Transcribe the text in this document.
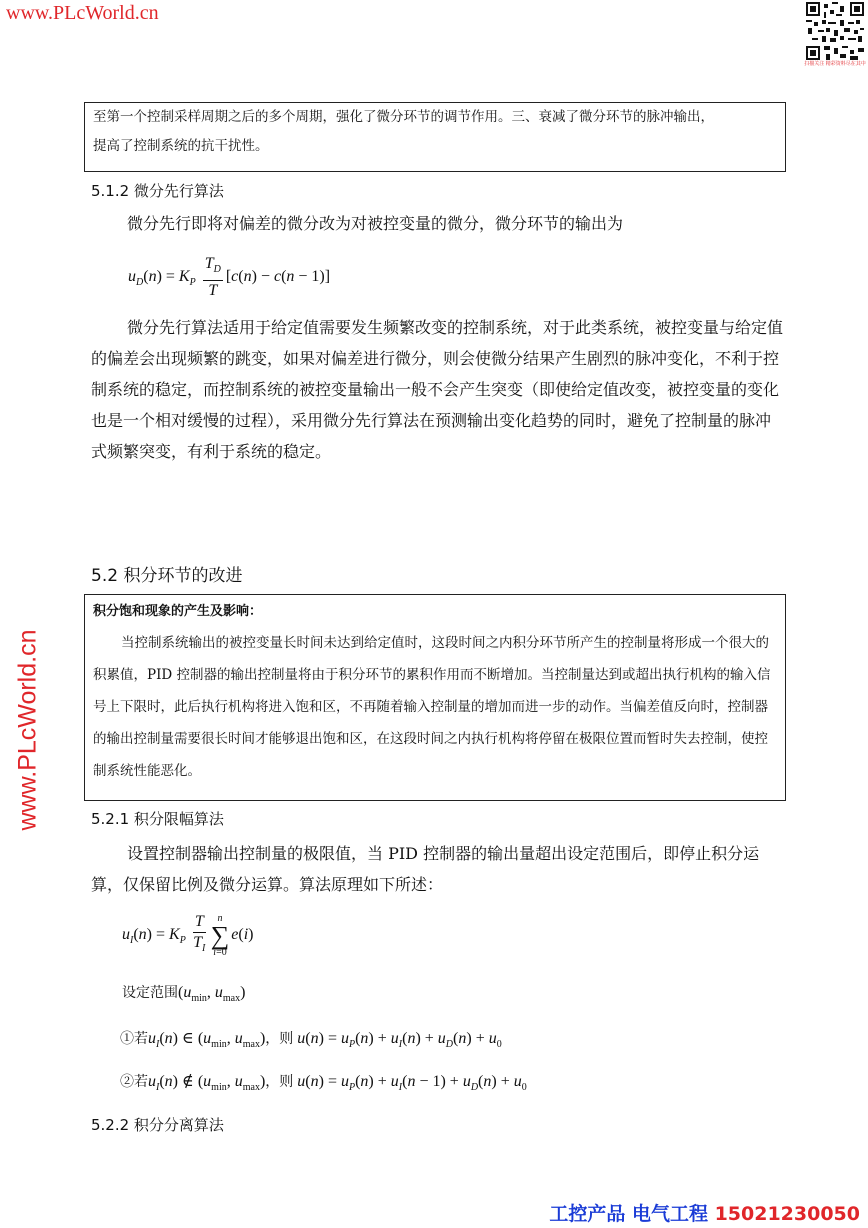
www.PLcWorld.cn
www.PLcWorld.cn
扫描关注 精彩资料尽在其中

至第一个控制采样周期之后的多个周期，强化了微分环节的调节作用。三、衰减了微分环节的脉冲输出，

提高了控制系统的抗干扰性。

5.1.2 微分先行算法

微分先行即将对偏差的微分改为对被控变量的微分，微分环节的输出为

$u_D(n) = K_P \frac{T_D}{T} [c(n) - c(n - 1)]$

微分先行算法适用于给定值需要发生频繁改变的控制系统，对于此类系统，被控变量与给定值的偏差会出现频繁的跳变，如果对偏差进行微分，则会使微分结果产生剧烈的脉冲变化，不利于控制系统的稳定，而控制系统的被控变量输出一般不会产生突变（即使给定值改变，被控变量的变化也是一个相对缓慢的过程），采用微分先行算法在预测输出变化趋势的同时，避免了控制量的脉冲式频繁突变，有利于系统的稳定。

5.2 积分环节的改进

积分饱和现象的产生及影响：

当控制系统输出的被控变量长时间未达到给定值时，这段时间之内积分环节所产生的控制量将形成一个很大的积累值，PID 控制器的输出控制量将由于积分环节的累积作用而不断增加。当控制量达到或超出执行机构的输入信号上下限时，此后执行机构将进入饱和区，不再随着输入控制量的增加而进一步的动作。当偏差值反向时，控制器的输出控制量需要很长时间才能够退出饱和区，在这段时间之内执行机构将停留在极限位置而暂时失去控制，使控制系统性能恶化。

5.2.1 积分限幅算法

设置控制器输出控制量的极限值，当 PID 控制器的输出量超出设定范围后，即停止积分运算，仅保留比例及微分运算。算法原理如下所述：

$u_I(n) = K_P \frac{T}{T_I}$ n
∑
i=0e(i)
设定范围($u_{min}$, $u_{max}$)
①若$u_I(n)$ ∈ ($u_{min}$, $u_{max}$)，则 $u(n) = u_P(n) + u_I(n) + u_D(n) + u_0$
②若$u_I(n)$ ∉ ($u_{min}$, $u_{max}$)，则 $u(n) = u_P(n) + u_I(n - 1) + u_D(n) + u_0$
5.2.2 积分分离算法
工控产品 电气工程 15021230050
